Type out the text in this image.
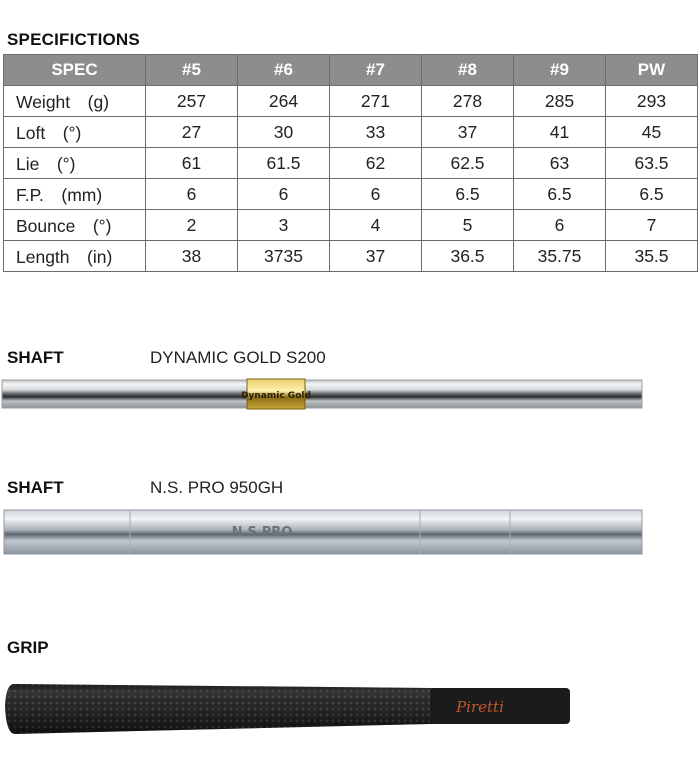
SPECIFICTIONS
SPEC	#5	#6	#7	#8	#9	PW
Weight　(g)	257	264	271	278	285	293
Loft　(°)	27	30	33	37	41	45
Lie　(°)	61	61.5	62	62.5	63	63.5
F.P.　(mm)	6	6	6	6.5	6.5	6.5
Bounce　(°)	2	3	4	5	6	7
Length　(in)	38	3735	37	36.5	35.75	35.5
SHAFT	DYNAMIC GOLD S200
Dynamic Gold
SHAFT	N.S. PRO 950GH
N.S.PRO
GRIP
Piretti
